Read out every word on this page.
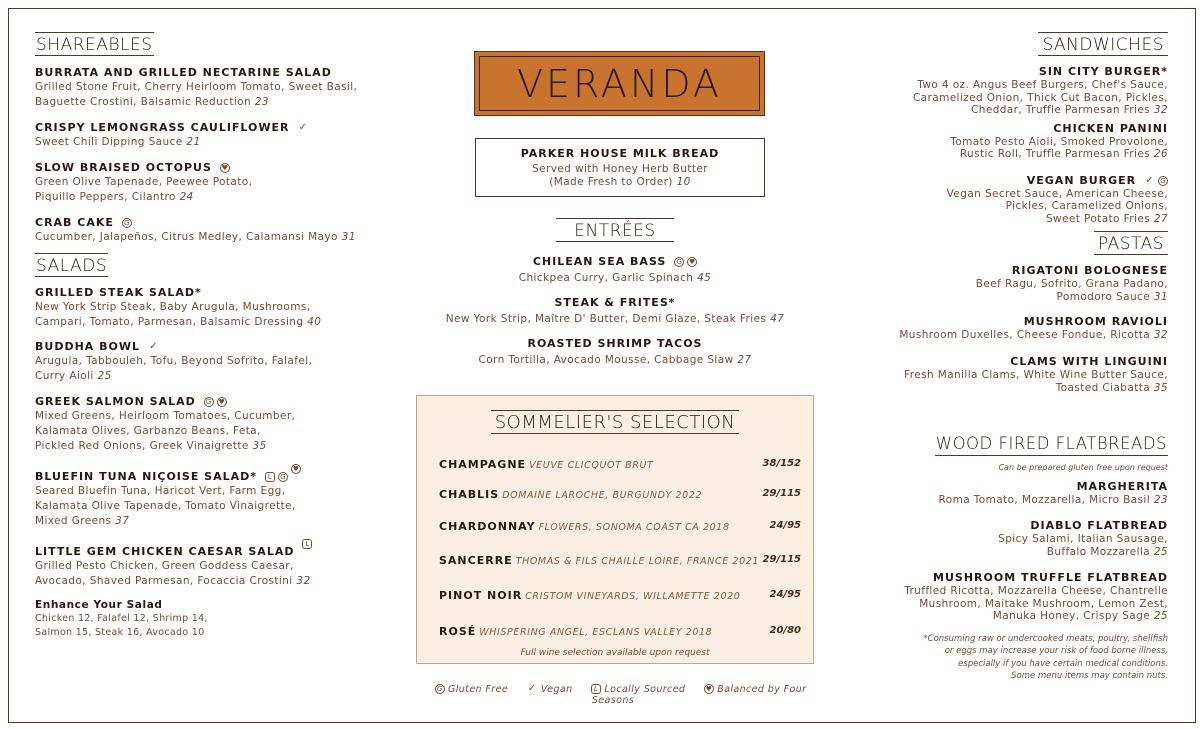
SHAREABLES
BURRATA AND GRILLED NECTARINE SALAD
Grilled Stone Fruit, Cherry Heirloom Tomato, Sweet Basil,
Baguette Crostini, Balsamic Reduction 23
CRISPY LEMONGRASS CAULIFLOWER ✓
Sweet Chili Dipping Sauce 21
SLOW BRAISED OCTOPUS ♥
Green Olive Tapenade, Peewee Potato,
Piquillo Peppers, Cilantro 24
CRAB CAKE G
Cucumber, Jalapeños, Citrus Medley, Calamansi Mayo 31
SALADS
GRILLED STEAK SALAD*
New York Strip Steak, Baby Arugula, Mushrooms,
Campari, Tomato, Parmesan, Balsamic Dressing 40
BUDDHA BOWL ✓
Arugula, Tabbouleh, Tofu, Beyond Sofrito, Falafel,
Curry Aioli 25
GREEK SALMON SALAD G ♥
Mixed Greens, Heirloom Tomatoes, Cucumber,
Kalamata Olives, Garbanzo Beans, Feta,
Pickled Red Onions, Greek Vinaigrette 35
BLUEFIN TUNA NIÇOISE SALAD* L G♥
Seared Bluefin Tuna, Haricot Vert, Farm Egg,
Kalamata Olive Tapenade, Tomato Vinaigrette,
Mixed Greens 37
LITTLE GEM CHICKEN CAESAR SALAD L
Grilled Pesto Chicken, Green Goddess Caesar,
Avocado, Shaved Parmesan, Focaccia Crostini 32
Enhance Your Salad
Chicken 12, Falafel 12, Shrimp 14,
Salmon 15, Steak 16, Avocado 10
VERANDA
PARKER HOUSE MILK BREAD
Served with Honey Herb Butter
(Made Fresh to Order) 10
ENTRÉES
CHILEAN SEA BASS G ♥
Chickpea Curry, Garlic Spinach 45
STEAK & FRITES*
New York Strip, Maître D' Butter, Demi Glaze, Steak Fries 47
ROASTED SHRIMP TACOS
Corn Tortilla, Avocado Mousse, Cabbage Slaw 27
SOMMELIER'S SELECTION
CHAMPAGNE VEUVE CLICQUOT BRUT	38/152
CHABLIS DOMAINE LAROCHE, BURGUNDY 2022	29/115
CHARDONNAY FLOWERS, SONOMA COAST CA 2018	24/95
SANCERRE THOMAS & FILS CHAILLE LOIRE, FRANCE 2021 29/115
PINOT NOIR CRISTOM VINEYARDS, WILLAMETTE 2020	24/95
ROSÉ WHISPERING ANGEL, ESCLANS VALLEY 2018	20/80
Full wine selection available upon request
G Gluten Free ✓ Vegan	L Locally Sourced	♥ Balanced by Four Seasons
SANDWICHES
SIN CITY BURGER*
Two 4 oz. Angus Beef Burgers, Chef's Sauce,
Caramelized Onion, Thick Cut Bacon, Pickles,
Cheddar, Truffle Parmesan Fries 32
CHICKEN PANINI
Tomato Pesto Aioli, Smoked Provolone,
Rustic Roll, Truffle Parmesan Fries 26
VEGAN BURGER ✓ G
Vegan Secret Sauce, American Cheese,
Pickles, Caramelized Onions,
Sweet Potato Fries 27
PASTAS
RIGATONI BOLOGNESE
Beef Ragu, Sofrito, Grana Padano,
Pomodoro Sauce 31
MUSHROOM RAVIOLI
Mushroom Duxelles, Cheese Fondue, Ricotta 32
CLAMS WITH LINGUINI
Fresh Manilla Clams, White Wine Butter Sauce,
Toasted Ciabatta 35
WOOD FIRED FLATBREADS
Can be prepared gluten free upon request
MARGHERITA
Roma Tomato, Mozzarella, Micro Basil 23
DIABLO FLATBREAD
Spicy Salami, Italian Sausage,
Buffalo Mozzarella 25
MUSHROOM TRUFFLE FLATBREAD
Truffled Ricotta, Mozzarella Cheese, Chantrelle
Mushroom, Maitake Mushroom, Lemon Zest,
Manuka Honey, Crispy Sage 25
*Consuming raw or undercooked meats, poultry, shellfish
or eggs may increase your risk of food borne illness,
especially if you have certain medical conditions.
Some menu items may contain nuts.
